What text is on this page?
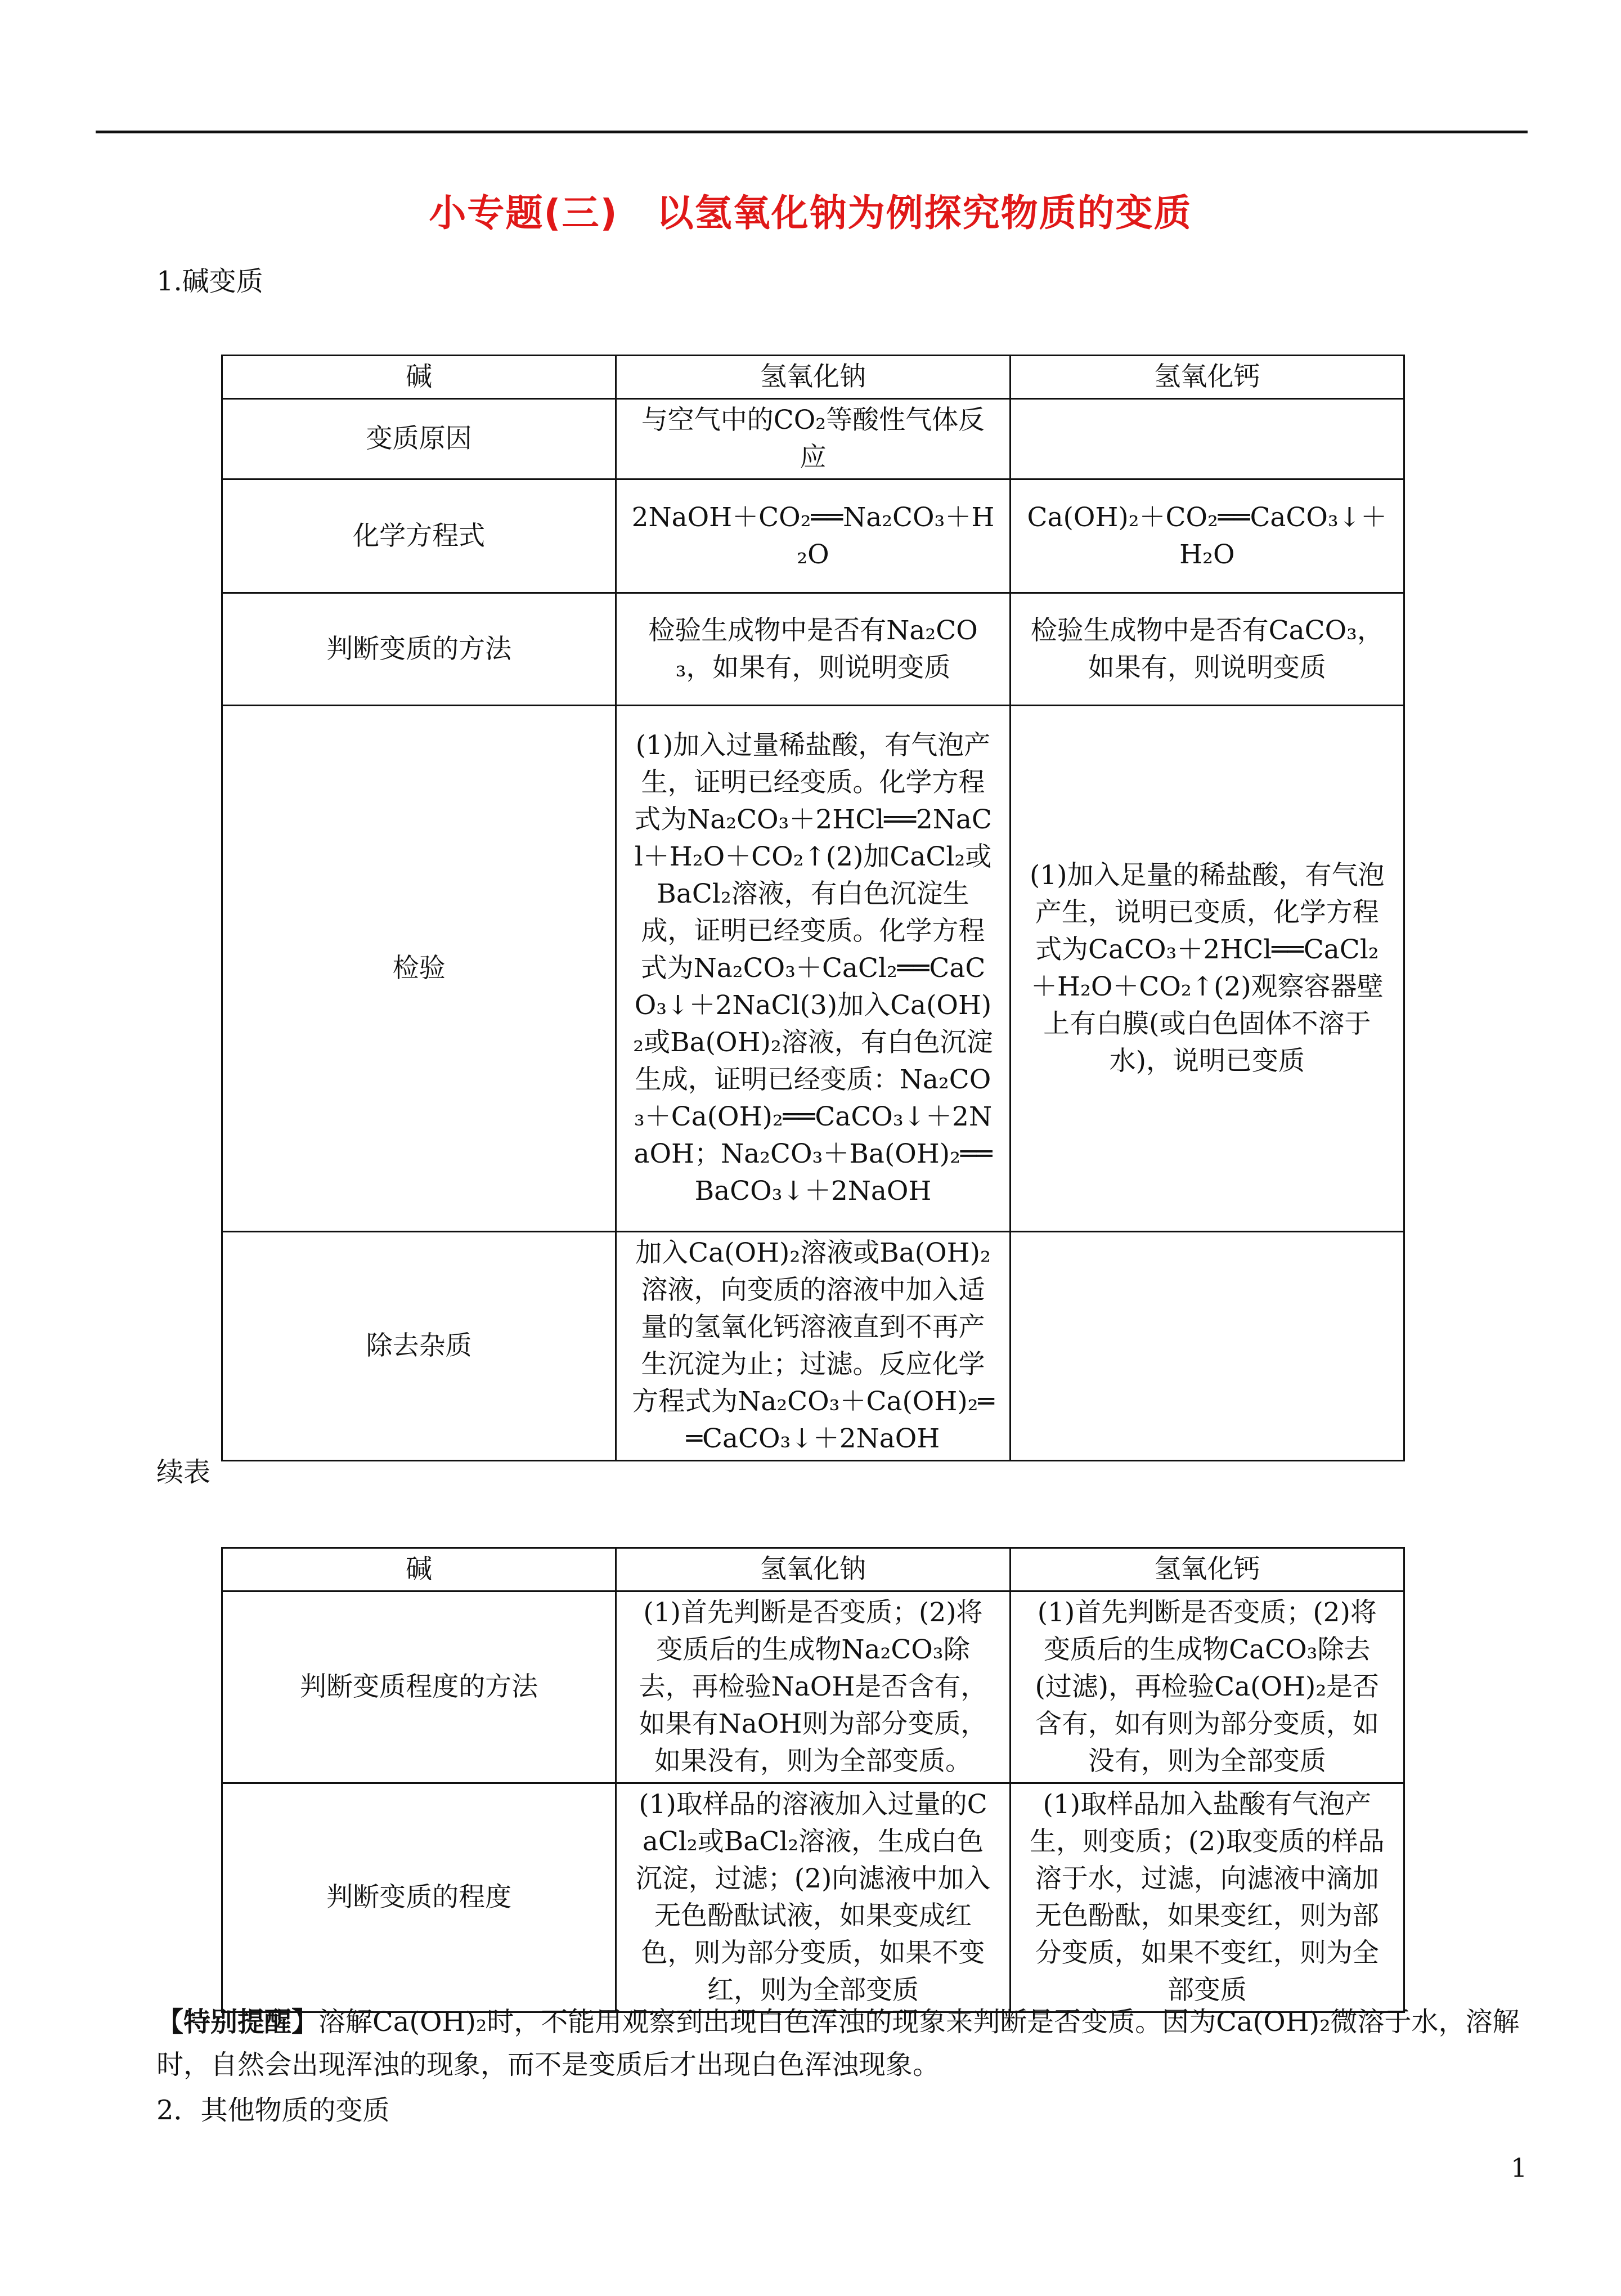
小专题(三)　以氢氧化钠为例探究物质的变质
1.碱变质
碱	氢氧化钠	氢氧化钙
变质原因	与空气中的CO₂等酸性气体反应	
化学方程式	2NaOH＋CO₂══Na₂CO₃＋H₂O	Ca(OH)₂＋CO₂══CaCO₃↓＋H₂O
判断变质的方法	检验生成物中是否有Na₂CO₃，如果有，则说明变质	检验生成物中是否有CaCO₃，如果有，则说明变质
检验	(1)加入过量稀盐酸，有气泡产生，证明已经变质。化学方程式为Na₂CO₃＋2HCl══2NaCl＋H₂O＋CO₂↑(2)加CaCl₂或BaCl₂溶液，有白色沉淀生成，证明已经变质。化学方程式为Na₂CO₃＋CaCl₂══CaCO₃↓＋2NaCl(3)加入Ca(OH)₂或Ba(OH)₂溶液，有白色沉淀生成，证明已经变质：Na₂CO₃＋Ca(OH)₂══CaCO₃↓＋2NaOH；Na₂CO₃＋Ba(OH)₂══BaCO₃↓＋2NaOH	(1)加入足量的稀盐酸，有气泡产生，说明已变质，化学方程式为CaCO₃＋2HCl══CaCl₂＋H₂O＋CO₂↑(2)观察容器壁上有白膜(或白色固体不溶于水)，说明已变质
除去杂质	加入Ca(OH)₂溶液或Ba(OH)₂溶液，向变质的溶液中加入适量的氢氧化钙溶液直到不再产生沉淀为止；过滤。反应化学方程式为Na₂CO₃＋Ca(OH)₂══CaCO₃↓＋2NaOH	
续表
碱	氢氧化钠	氢氧化钙
判断变质程度的方法	(1)首先判断是否变质；(2)将变质后的生成物Na₂CO₃除去，再检验NaOH是否含有，如果有NaOH则为部分变质，如果没有，则为全部变质。	(1)首先判断是否变质；(2)将变质后的生成物CaCO₃除去(过滤)，再检验Ca(OH)₂是否含有，如有则为部分变质，如没有，则为全部变质
判断变质的程度	(1)取样品的溶液加入过量的CaCl₂或BaCl₂溶液，生成白色沉淀，过滤；(2)向滤液中加入无色酚酞试液，如果变成红色，则为部分变质，如果不变红，则为全部变质	(1)取样品加入盐酸有气泡产生，则变质；(2)取变质的样品溶于水，过滤，向滤液中滴加无色酚酞，如果变红，则为部分变质，如果不变红，则为全部变质
【特别提醒】溶解Ca(OH)₂时，不能用观察到出现白色浑浊的现象来判断是否变质。因为Ca(OH)₂微溶于水，溶解时，自然会出现浑浊的现象，而不是变质后才出现白色浑浊现象。
2．其他物质的变质
1
